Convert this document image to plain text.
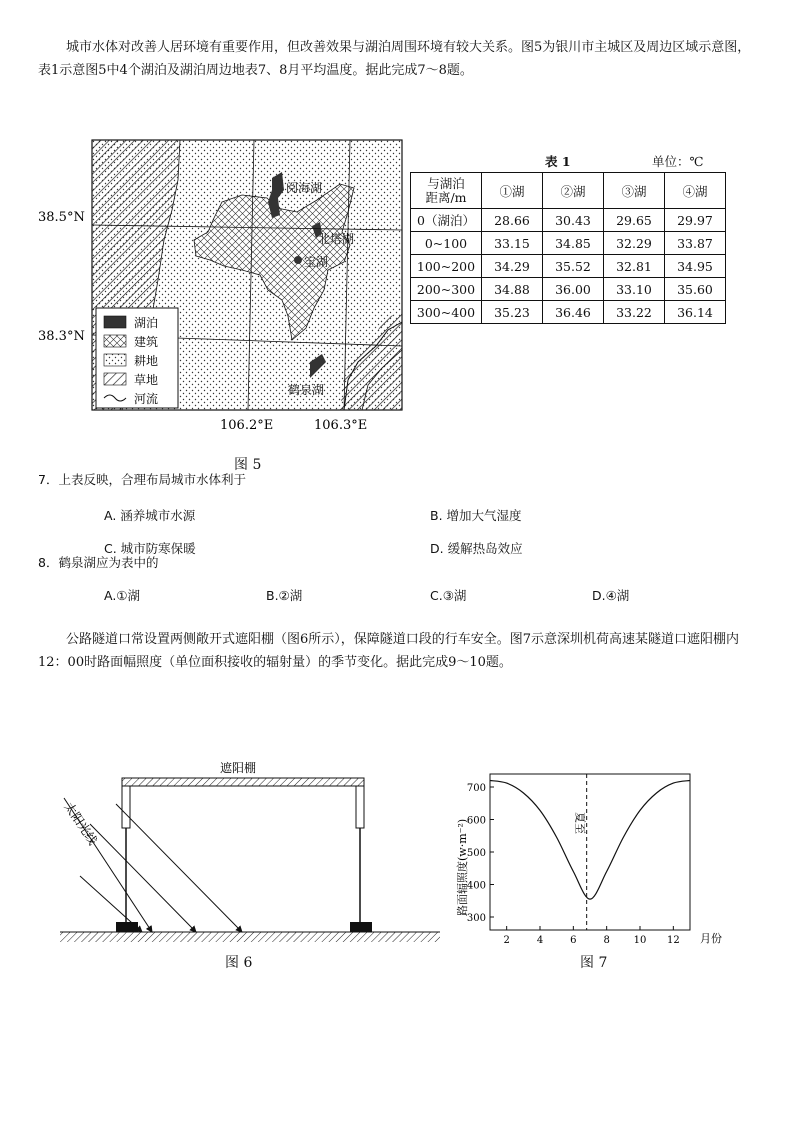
城市水体对改善人居环境有重要作用，但改善效果与湖泊周围环境有较大关系。图5为银川市主城区及周边区域示意图，表1示意图5中4个湖泊及湖泊周边地表7、8月平均温度。据此完成7～8题。
阅海湖
北塔湖
宝湖
鹤泉湖
湖泊
建筑
耕地
草地
河流
38.5°N
38.3°N
106.2°E	106.3°E
图 5
表 1	单位：℃
与湖泊
距离/m	①湖	②湖	③湖	④湖
0（湖泊）	28.66	30.43	29.65	29.97
0~100	33.15	34.85	32.29	33.87
100~200	34.29	35.52	32.81	34.95
200~300	34.88	36.00	33.10	35.60
300~400	35.23	36.46	33.22	36.14
7．上表反映，合理布局城市水体利于
A. 涵养城市水源	B. 增加大气湿度
C. 城市防寒保暖	D. 缓解热岛效应
8．鹤泉湖应为表中的
A.①湖	B.②湖	C.③湖	D.④湖
公路隧道口常设置两侧敞开式遮阳棚（图6所示），保障隧道口段的行车安全。图7示意深圳机荷高速某隧道口遮阳棚内12：00时路面幅照度（单位面积接收的辐射量）的季节变化。据此完成9～10题。
遮阳棚
太阳光线
图 6
300
400
500
600
700
2	4	6	8 10 12
路面辐照度(w·m⁻²)
月份
夏至
图 7
